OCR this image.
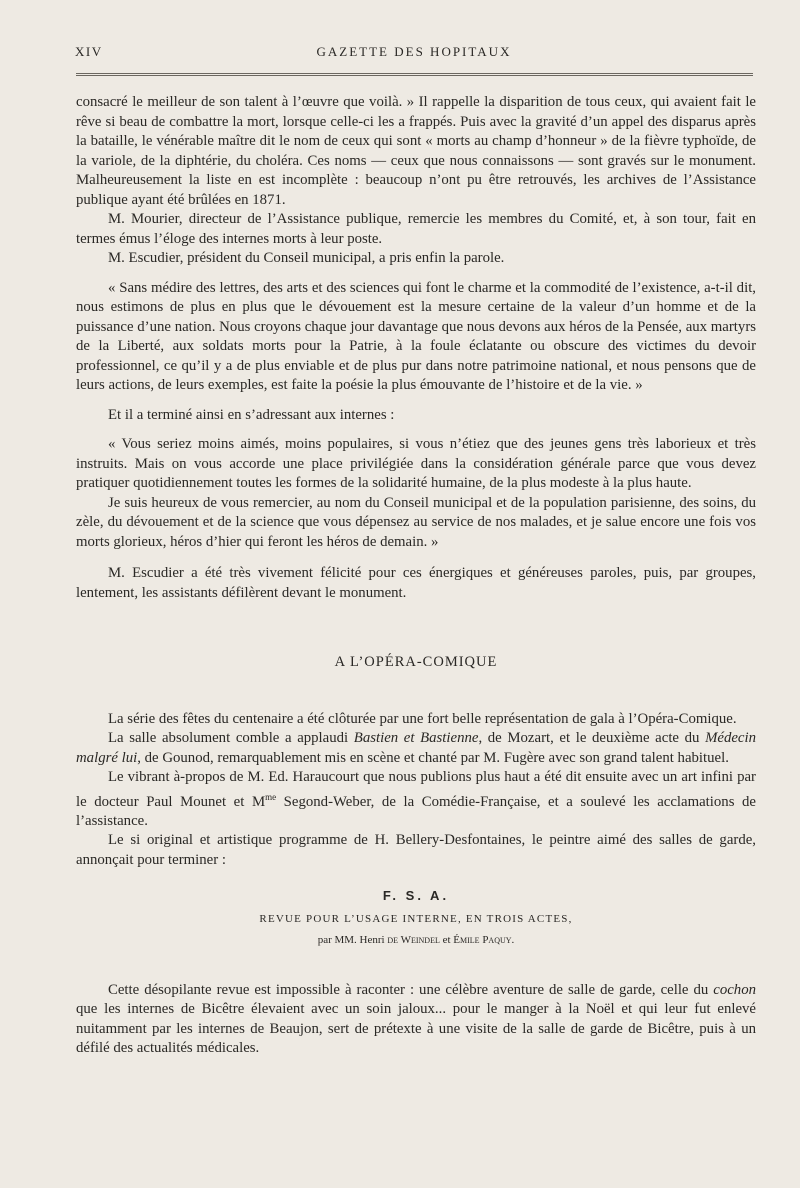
XIV	GAZETTE DES HOPITAUX

consacré le meilleur de son talent à l’œuvre que voilà. » Il rappelle la disparition de tous ceux, qui avaient fait le rêve si beau de combattre la mort, lorsque celle-ci les a frappés. Puis avec la gravité d’un appel des disparus après la bataille, le vénérable maître dit le nom de ceux qui sont « morts au champ d’honneur » de la fièvre typhoïde, de la variole, de la diphtérie, du choléra. Ces noms — ceux que nous connaissons — sont gravés sur le monument. Malheureusement la liste en est incomplète : beaucoup n’ont pu être retrouvés, les archives de l’Assistance publique ayant été brûlées en 1871.

M. Mourier, directeur de l’Assistance publique, remercie les membres du Comité, et, à son tour, fait en termes émus l’éloge des internes morts à leur poste.

M. Escudier, président du Conseil municipal, a pris enfin la parole.

« Sans médire des lettres, des arts et des sciences qui font le charme et la commodité de l’existence, a-t-il dit, nous estimons de plus en plus que le dévouement est la mesure certaine de la valeur d’un homme et de la puissance d’une nation. Nous croyons chaque jour davantage que nous devons aux héros de la Pensée, aux martyrs de la Liberté, aux soldats morts pour la Patrie, à la foule éclatante ou obscure des victimes du devoir professionnel, ce qu’il y a de plus enviable et de plus pur dans notre patrimoine national, et nous pensons que de leurs actions, de leurs exemples, est faite la poésie la plus émouvante de l’histoire et de la vie. »

Et il a terminé ainsi en s’adressant aux internes :

« Vous seriez moins aimés, moins populaires, si vous n’étiez que des jeunes gens très laborieux et très instruits. Mais on vous accorde une place privilégiée dans la considération générale parce que vous devez pratiquer quotidiennement toutes les formes de la solidarité humaine, de la plus modeste à la plus haute.

Je suis heureux de vous remercier, au nom du Conseil municipal et de la population parisienne, des soins, du zèle, du dévouement et de la science que vous dépensez au service de nos malades, et je salue encore une fois vos morts glorieux, héros d’hier qui feront les héros de demain. »

M. Escudier a été très vivement félicité pour ces énergiques et généreuses paroles, puis, par groupes, lentement, les assistants défilèrent devant le monument.

A L’OPÉRA-COMIQUE

La série des fêtes du centenaire a été clôturée par une fort belle représentation de gala à l’Opéra-Comique.

La salle absolument comble a applaudi Bastien et Bastienne, de Mozart, et le deuxième acte du Médecin malgré lui, de Gounod, remarquablement mis en scène et chanté par M. Fugère avec son grand talent habituel.

Le vibrant à-propos de M. Ed. Haraucourt que nous publions plus haut a été dit ensuite avec un art infini par le docteur Paul Mounet et $M^{me}$ Segond-Weber, de la Comédie-Française, et a soulevé les acclamations de l’assistance.

Le si original et artistique programme de H. Bellery-Desfontaines, le peintre aimé des salles de garde, annonçait pour terminer :

F. S. A.
REVUE POUR L’USAGE INTERNE, EN TROIS ACTES,
par MM. Henri de Weindel et Émile Paquy.

Cette désopilante revue est impossible à raconter : une célèbre aventure de salle de garde, celle du cochon que les internes de Bicêtre élevaient avec un soin jaloux... pour le manger à la Noël et qui leur fut enlevé nuitamment par les internes de Beaujon, sert de prétexte à une visite de la salle de garde de Bicêtre, puis à un défilé des actualités médicales.
